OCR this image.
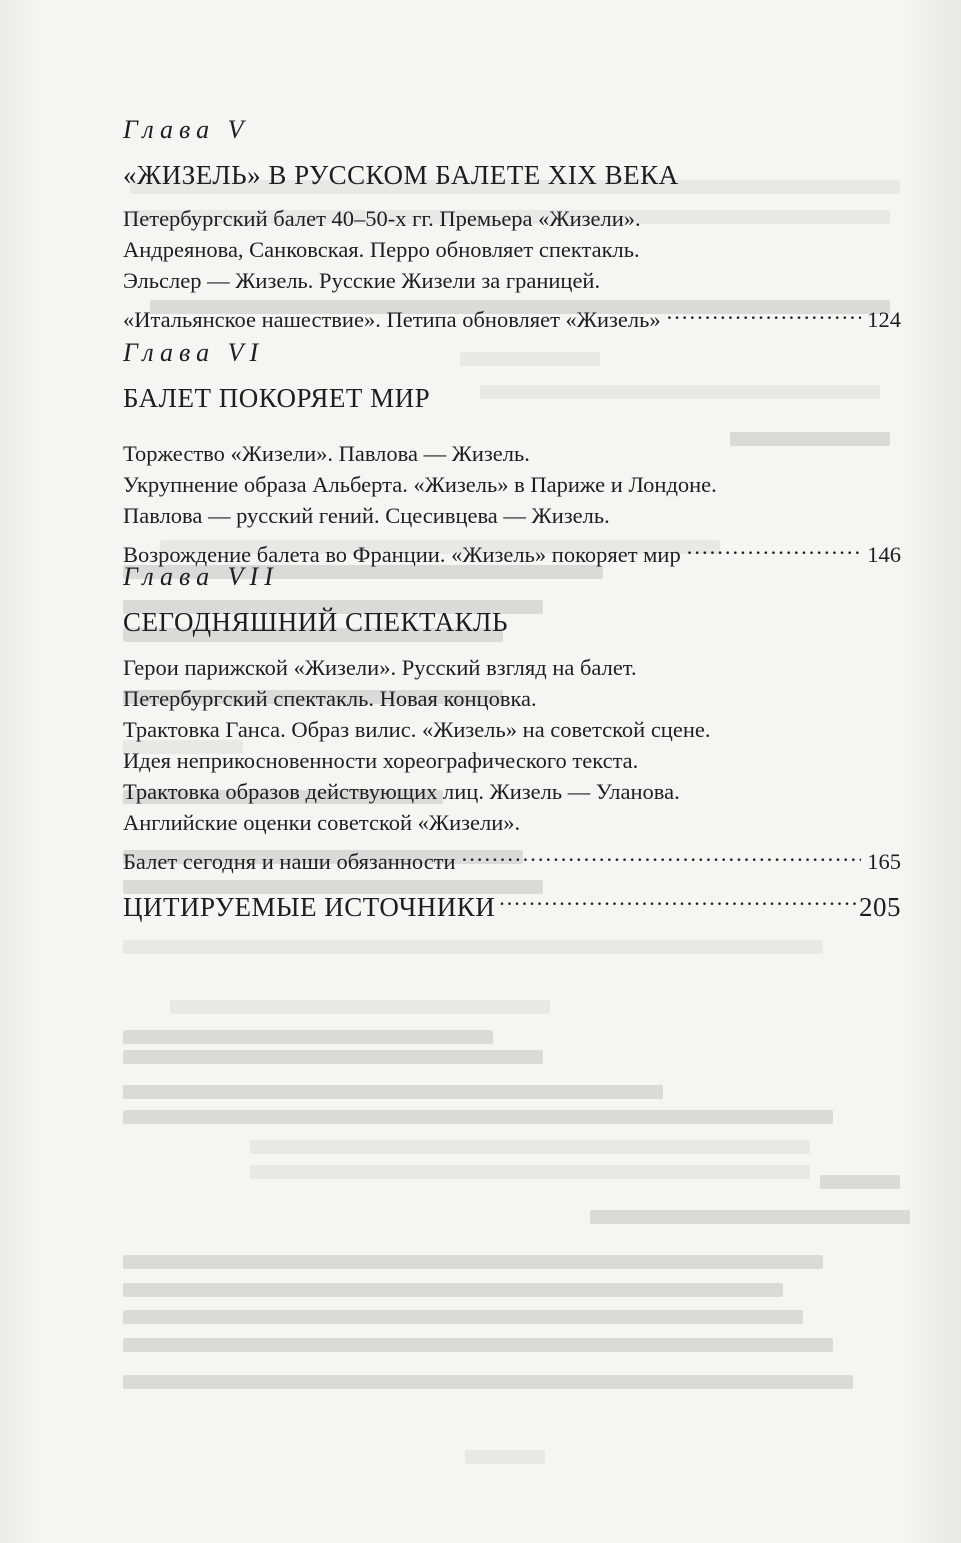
Глава V
«ЖИЗЕЛЬ» В РУССКОМ БАЛЕТЕ XIX ВЕКА
Петербургский балет 40–50-х гг. Премьера «Жизели».
Андреянова, Санковская. Перро обновляет спектакль.
Эльслер — Жизель. Русские Жизели за границей.
«Итальянское нашествие». Петипа обновляет «Жизель» .....	124
Глава VI
БАЛЕТ ПОКОРЯЕТ МИР
Торжество «Жизели». Павлова — Жизель.
Укрупнение образа Альберта. «Жизель» в Париже и Лондоне.
Павлова — русский гений. Сцесивцева — Жизель.
Возрождение балета во Франции. «Жизель» покоряет мир .....	146
Глава VII
СЕГОДНЯШНИЙ СПЕКТАКЛЬ
Герои парижской «Жизели». Русский взгляд на балет.
Петербургский спектакль. Новая концовка.
Трактовка Ганса. Образ вилис. «Жизель» на советской сцене.
Идея неприкосновенности хореографического текста.
Трактовка образов действующих лиц. Жизель — Уланова.
Английские оценки советской «Жизели».
Балет сегодня и наши обязанности .....	165
ЦИТИРУЕМЫЕ ИСТОЧНИКИ .....	205
